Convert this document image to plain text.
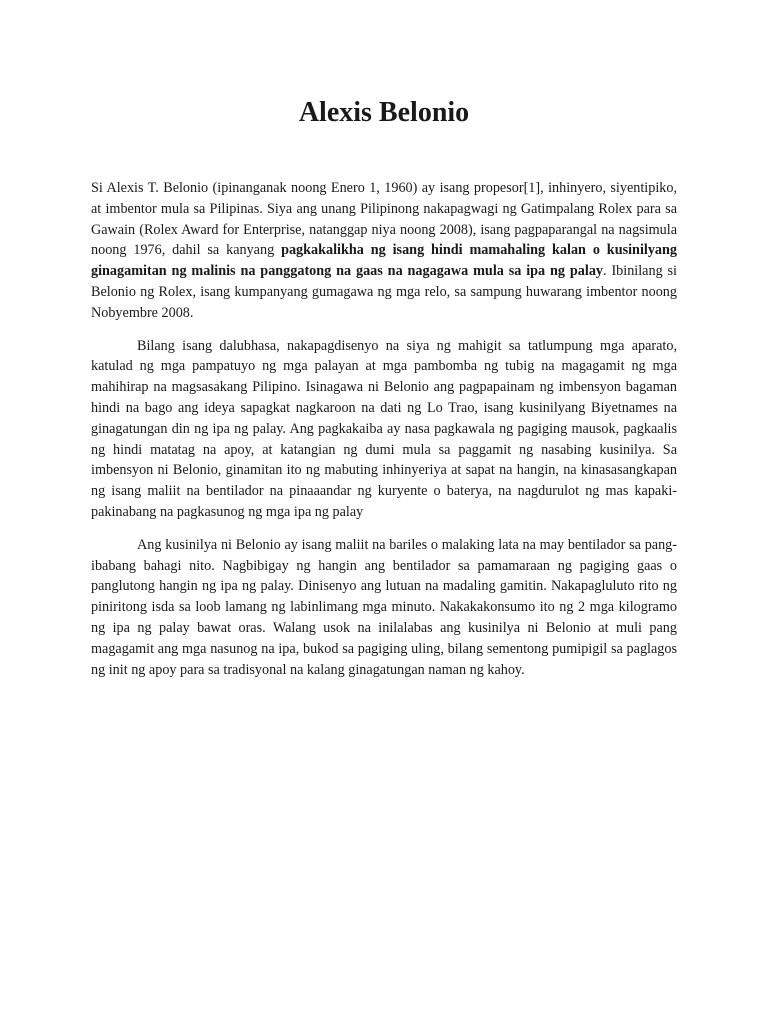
Alexis Belonio

Si Alexis T. Belonio (ipinanganak noong Enero 1, 1960) ay isang propesor[1], inhinyero, siyentipiko, at imbentor mula sa Pilipinas. Siya ang unang Pilipinong nakapagwagi ng Gatimpalang Rolex para sa Gawain (Rolex Award for Enterprise, natanggap niya noong 2008), isang pagpaparangal na nagsimula noong 1976, dahil sa kanyang pagkakalikha ng isang hindi mamahaling kalan o kusinilyang ginagamitan ng malinis na panggatong na gaas na nagagawa mula sa ipa ng palay. Ibinilang si Belonio ng Rolex, isang kumpanyang gumagawa ng mga relo, sa sampung huwarang imbentor noong Nobyembre 2008.

Bilang isang dalubhasa, nakapagdisenyo na siya ng mahigit sa tatlumpung mga aparato, katulad ng mga pampatuyo ng mga palayan at mga pambomba ng tubig na magagamit ng mga mahihirap na magsasakang Pilipino. Isinagawa ni Belonio ang pagpapainam ng imbensyon bagaman hindi na bago ang ideya sapagkat nagkaroon na dati ng Lo Trao, isang kusinilyang Biyetnames na ginagatungan din ng ipa ng palay. Ang pagkakaiba ay nasa pagkawala ng pagiging mausok, pagkaalis ng hindi matatag na apoy, at katangian ng dumi mula sa paggamit ng nasabing kusinilya. Sa imbensyon ni Belonio, ginamitan ito ng mabuting inhinyeriya at sapat na hangin, na kinasasangkapan ng isang maliit na bentilador na pinaaandar ng kuryente o baterya, na nagdurulot ng mas kapaki-pakinabang na pagkasunog ng mga ipa ng palay

Ang kusinilya ni Belonio ay isang maliit na bariles o malaking lata na may bentilador sa pang-ibabang bahagi nito. Nagbibigay ng hangin ang bentilador sa pamamaraan ng pagiging gaas o panglutong hangin ng ipa ng palay. Dinisenyo ang lutuan na madaling gamitin. Nakapagluluto rito ng piniritong isda sa loob lamang ng labinlimang mga minuto. Nakakakonsumo ito ng 2 mga kilogramo ng ipa ng palay bawat oras. Walang usok na inilalabas ang kusinilya ni Belonio at muli pang magagamit ang mga nasunog na ipa, bukod sa pagiging uling, bilang sementong pumipigil sa paglagos ng init ng apoy para sa tradisyonal na kalang ginagatungan naman ng kahoy.
